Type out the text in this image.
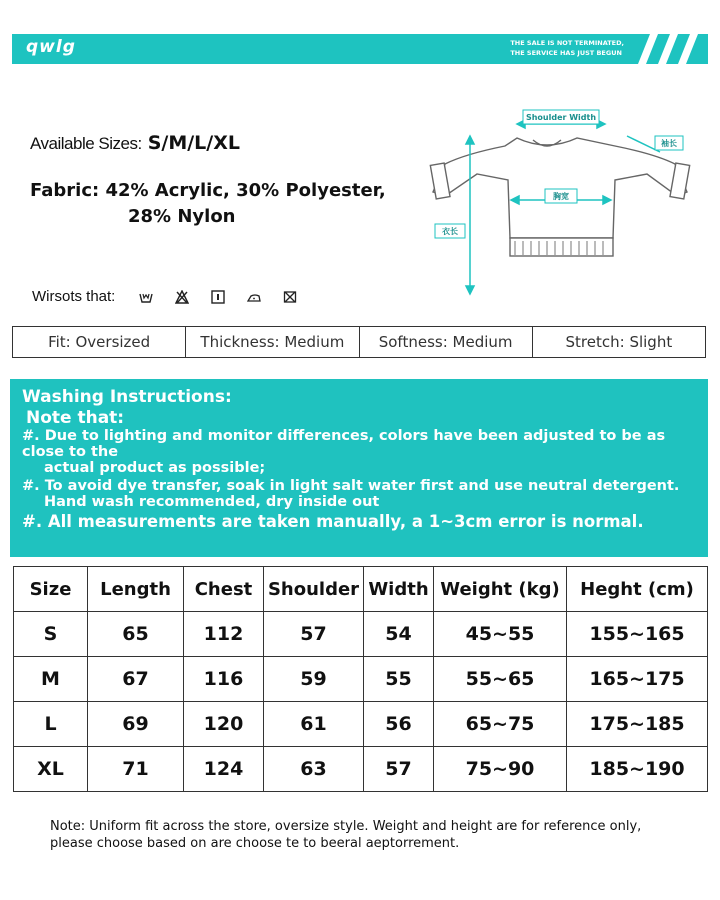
qwlg	THE SALE IS NOT TERMINATED,
THE SERVICE HAS JUST BEGUN
Available Sizes: S/M/L/XL
Fabric: 42% Acrylic, 30% Polyester,
28% Nylon
Wirsots that:
Shoulder Width
袖长
胸宽
衣长
Fit: Oversized	Thickness: Medium	Softness: Medium	Stretch: Slight
Washing Instructions:
Note that:
#. Due to lighting and monitor differences, colors have been adjusted to be as close to the
actual product as possible;
#. To avoid dye transfer, soak in light salt water first and use neutral detergent.
Hand wash recommended, dry inside out
#. All measurements are taken manually, a 1~3cm error is normal.
Size	Length	Chest	Shoulder	Width	Weight (kg)	Heght (cm)
S	65	112	57	54	45~55	155~165
M	67	116	59	55	55~65	165~175
L	69	120	61	56	65~75	175~185
XL	71	124	63	57	75~90	185~190
Note: Uniform fit across the store, oversize style. Weight and height are for reference only,
please choose based on are choose te to beeral aeptorrement.
